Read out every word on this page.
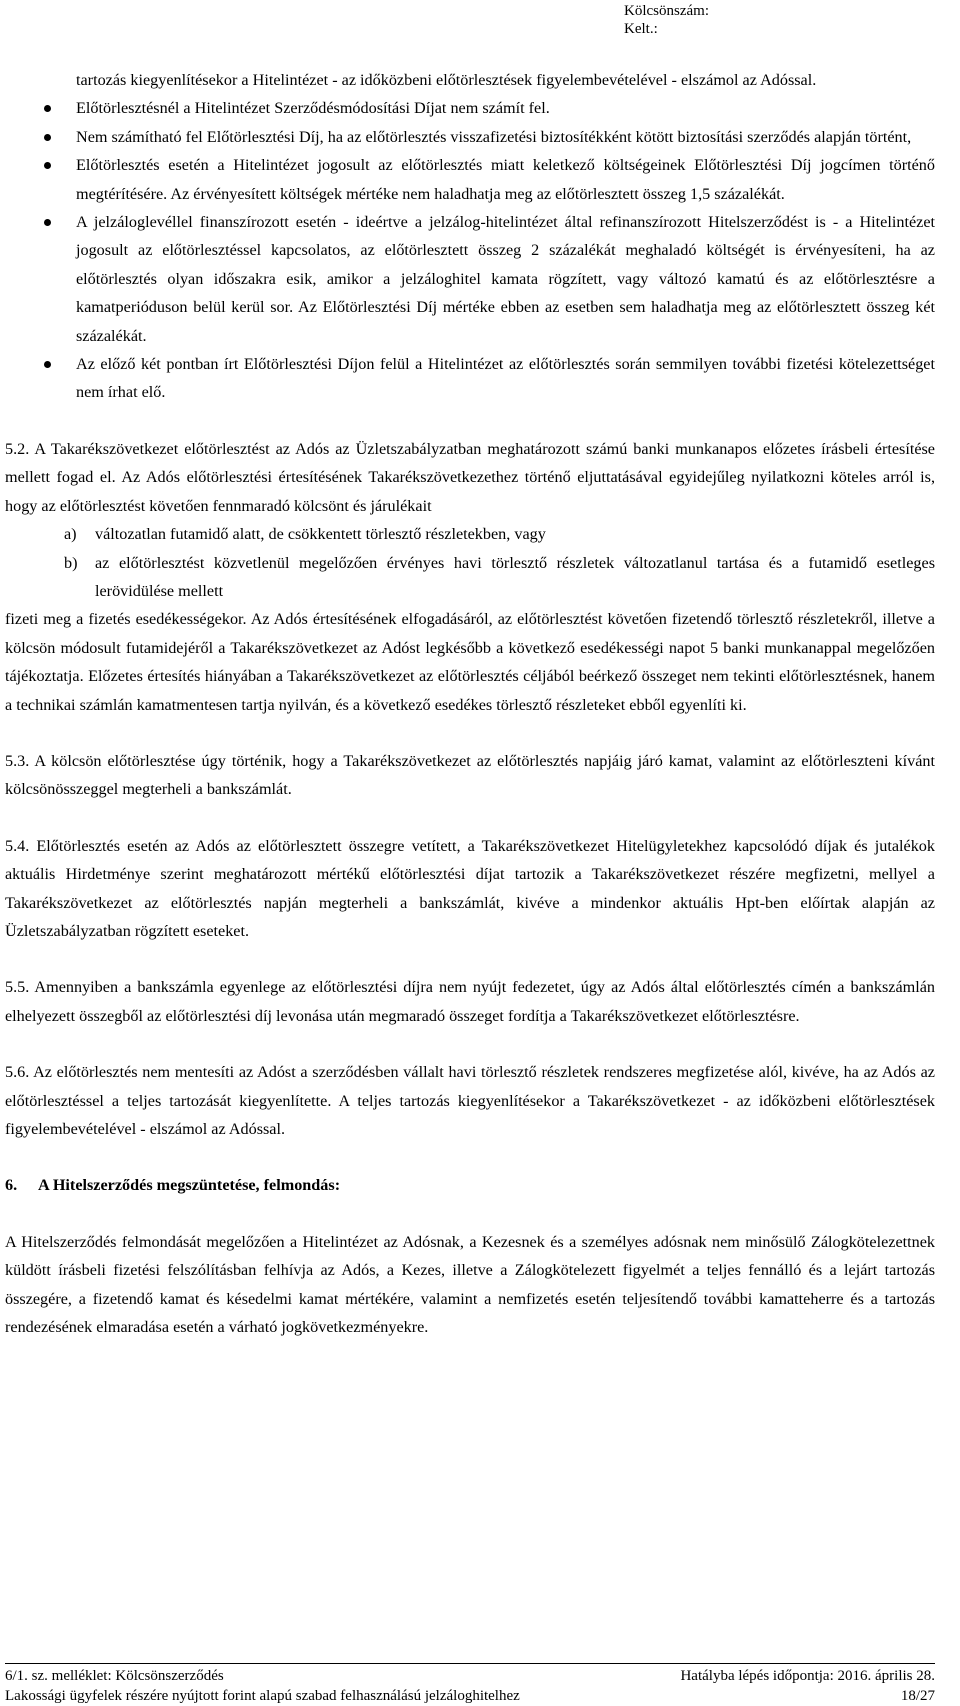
Kölcsönszám:
Kelt.:
tartozás kiegyenlítésekor a Hitelintézet - az időközbeni előtörlesztések figyelembevételével - elszámol az Adóssal.
Előtörlesztésnél a Hitelintézet Szerződésmódosítási Díjat nem számít fel.
Nem számítható fel Előtörlesztési Díj, ha az előtörlesztés visszafizetési biztosítékként kötött biztosítási szerződés alapján történt,
Előtörlesztés esetén a Hitelintézet jogosult az előtörlesztés miatt keletkező költségeinek Előtörlesztési Díj jogcímen történő megtérítésére. Az érvényesített költségek mértéke nem haladhatja meg az előtörlesztett összeg 1,5 százalékát.
A jelzáloglevéllel finanszírozott esetén - ideértve a jelzálog-hitelintézet által refinanszírozott Hitelszerződést is - a Hitelintézet jogosult az előtörlesztéssel kapcsolatos, az előtörlesztett összeg 2 százalékát meghaladó költségét is érvényesíteni, ha az előtörlesztés olyan időszakra esik, amikor a jelzáloghitel kamata rögzített, vagy változó kamatú és az előtörlesztésre a kamatperióduson belül kerül sor. Az Előtörlesztési Díj mértéke ebben az esetben sem haladhatja meg az előtörlesztett összeg két százalékát.
Az előző két pontban írt Előtörlesztési Díjon felül a Hitelintézet az előtörlesztés során semmilyen további fizetési kötelezettséget nem írhat elő.

5.2. A Takarékszövetkezet előtörlesztést az Adós az Üzletszabályzatban meghatározott számú banki munkanapos előzetes írásbeli értesítése mellett fogad el. Az Adós előtörlesztési értesítésének Takarékszövetkezethez történő eljuttatásával egyidejűleg nyilatkozni köteles arról is, hogy az előtörlesztést követően fennmaradó kölcsönt és járulékait

a) változatlan futamidő alatt, de csökkentett törlesztő részletekben, vagy
b) az előtörlesztést közvetlenül megelőzően érvényes havi törlesztő részletek változatlanul tartása és a futamidő esetleges lerövidülése mellett

fizeti meg a fizetés esedékességekor. Az Adós értesítésének elfogadásáról, az előtörlesztést követően fizetendő törlesztő részletekről, illetve a kölcsön módosult futamidejéről a Takarékszövetkezet az Adóst legkésőbb a következő esedékességi napot 5 banki munkanappal megelőzően tájékoztatja. Előzetes értesítés hiányában a Takarékszövetkezet az előtörlesztés céljából beérkező összeget nem tekinti előtörlesztésnek, hanem a technikai számlán kamatmentesen tartja nyilván, és a következő esedékes törlesztő részleteket ebből egyenlíti ki.

5.3. A kölcsön előtörlesztése úgy történik, hogy a Takarékszövetkezet az előtörlesztés napjáig járó kamat, valamint az előtörleszteni kívánt kölcsönösszeggel megterheli a bankszámlát.

5.4. Előtörlesztés esetén az Adós az előtörlesztett összegre vetített, a Takarékszövetkezet Hitelügyletekhez kapcsolódó díjak és jutalékok aktuális Hirdetménye szerint meghatározott mértékű előtörlesztési díjat tartozik a Takarékszövetkezet részére megfizetni, mellyel a Takarékszövetkezet az előtörlesztés napján megterheli a bankszámlát, kivéve a mindenkor aktuális Hpt-ben előírtak alapján az Üzletszabályzatban rögzített eseteket.

5.5. Amennyiben a bankszámla egyenlege az előtörlesztési díjra nem nyújt fedezetet, úgy az Adós által előtörlesztés címén a bankszámlán elhelyezett összegből az előtörlesztési díj levonása után megmaradó összeget fordítja a Takarékszövetkezet előtörlesztésre.

5.6. Az előtörlesztés nem mentesíti az Adóst a szerződésben vállalt havi törlesztő részletek rendszeres megfizetése alól, kivéve, ha az Adós az előtörlesztéssel a teljes tartozását kiegyenlítette. A teljes tartozás kiegyenlítésekor a Takarékszövetkezet - az időközbeni előtörlesztések figyelembevételével - elszámol az Adóssal.

6. A Hitelszerződés megszüntetése, felmondás:

A Hitelszerződés felmondását megelőzően a Hitelintézet az Adósnak, a Kezesnek és a személyes adósnak nem minősülő Zálogkötelezettnek küldött írásbeli fizetési felszólításban felhívja az Adós, a Kezes, illetve a Zálogkötelezett figyelmét a teljes fennálló és a lejárt tartozás összegére, a fizetendő kamat és késedelmi kamat mértékére, valamint a nemfizetés esetén teljesítendő további kamatteherre és a tartozás rendezésének elmaradása esetén a várható jogkövetkezményekre.

6/1. sz. melléklet: Kölcsönszerződés	Hatályba lépés időpontja: 2016. április 28.
Lakossági ügyfelek részére nyújtott forint alapú szabad felhasználású jelzáloghitelhez	18/27
